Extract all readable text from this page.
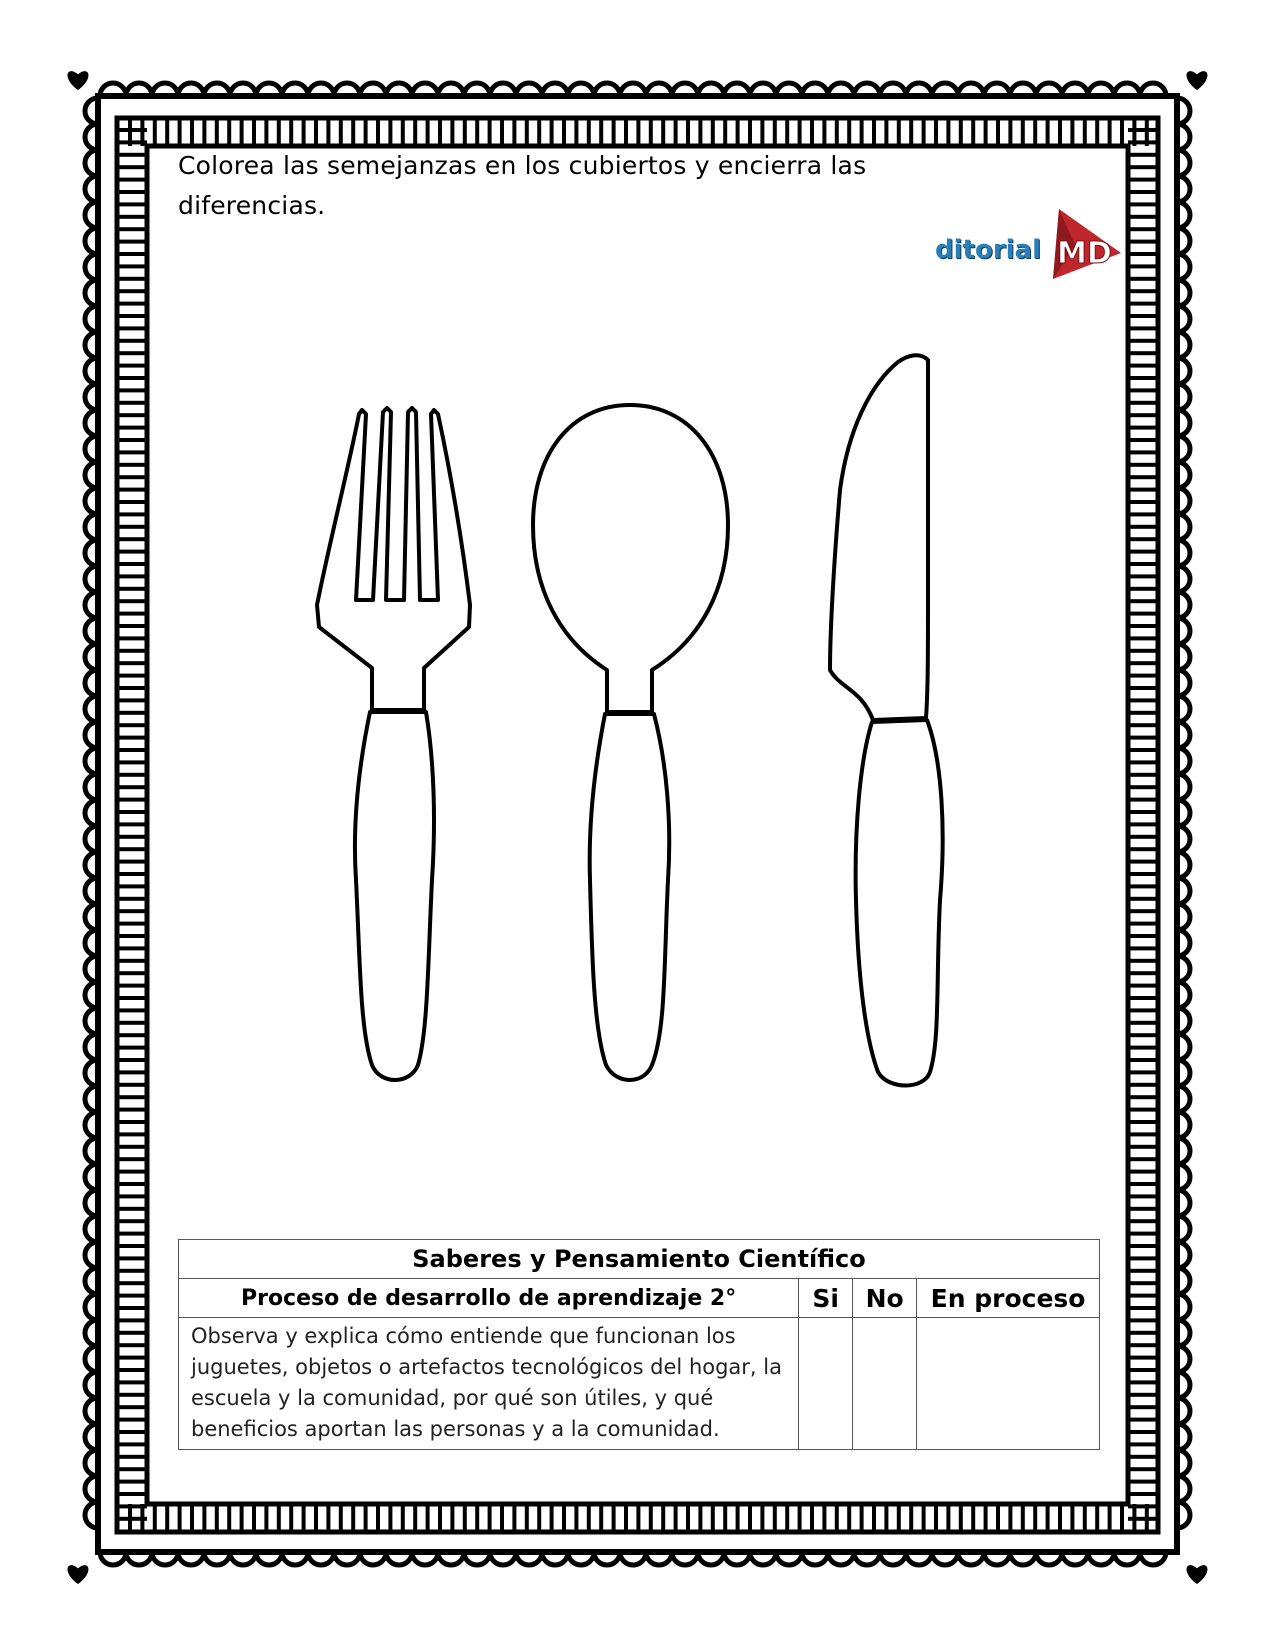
Colorea las semejanzas en los cubiertos y encierra las
diferencias.
ditorial MD
Saberes y Pensamiento Científico			
Proceso de desarrollo de aprendizaje 2°	Si	No	En proceso
Observa y explica cómo entiende que funcionan los juguetes, objetos o artefactos tecnológicos del hogar, la escuela y la comunidad, por qué son útiles, y qué beneficios aportan las personas y a la comunidad.			
